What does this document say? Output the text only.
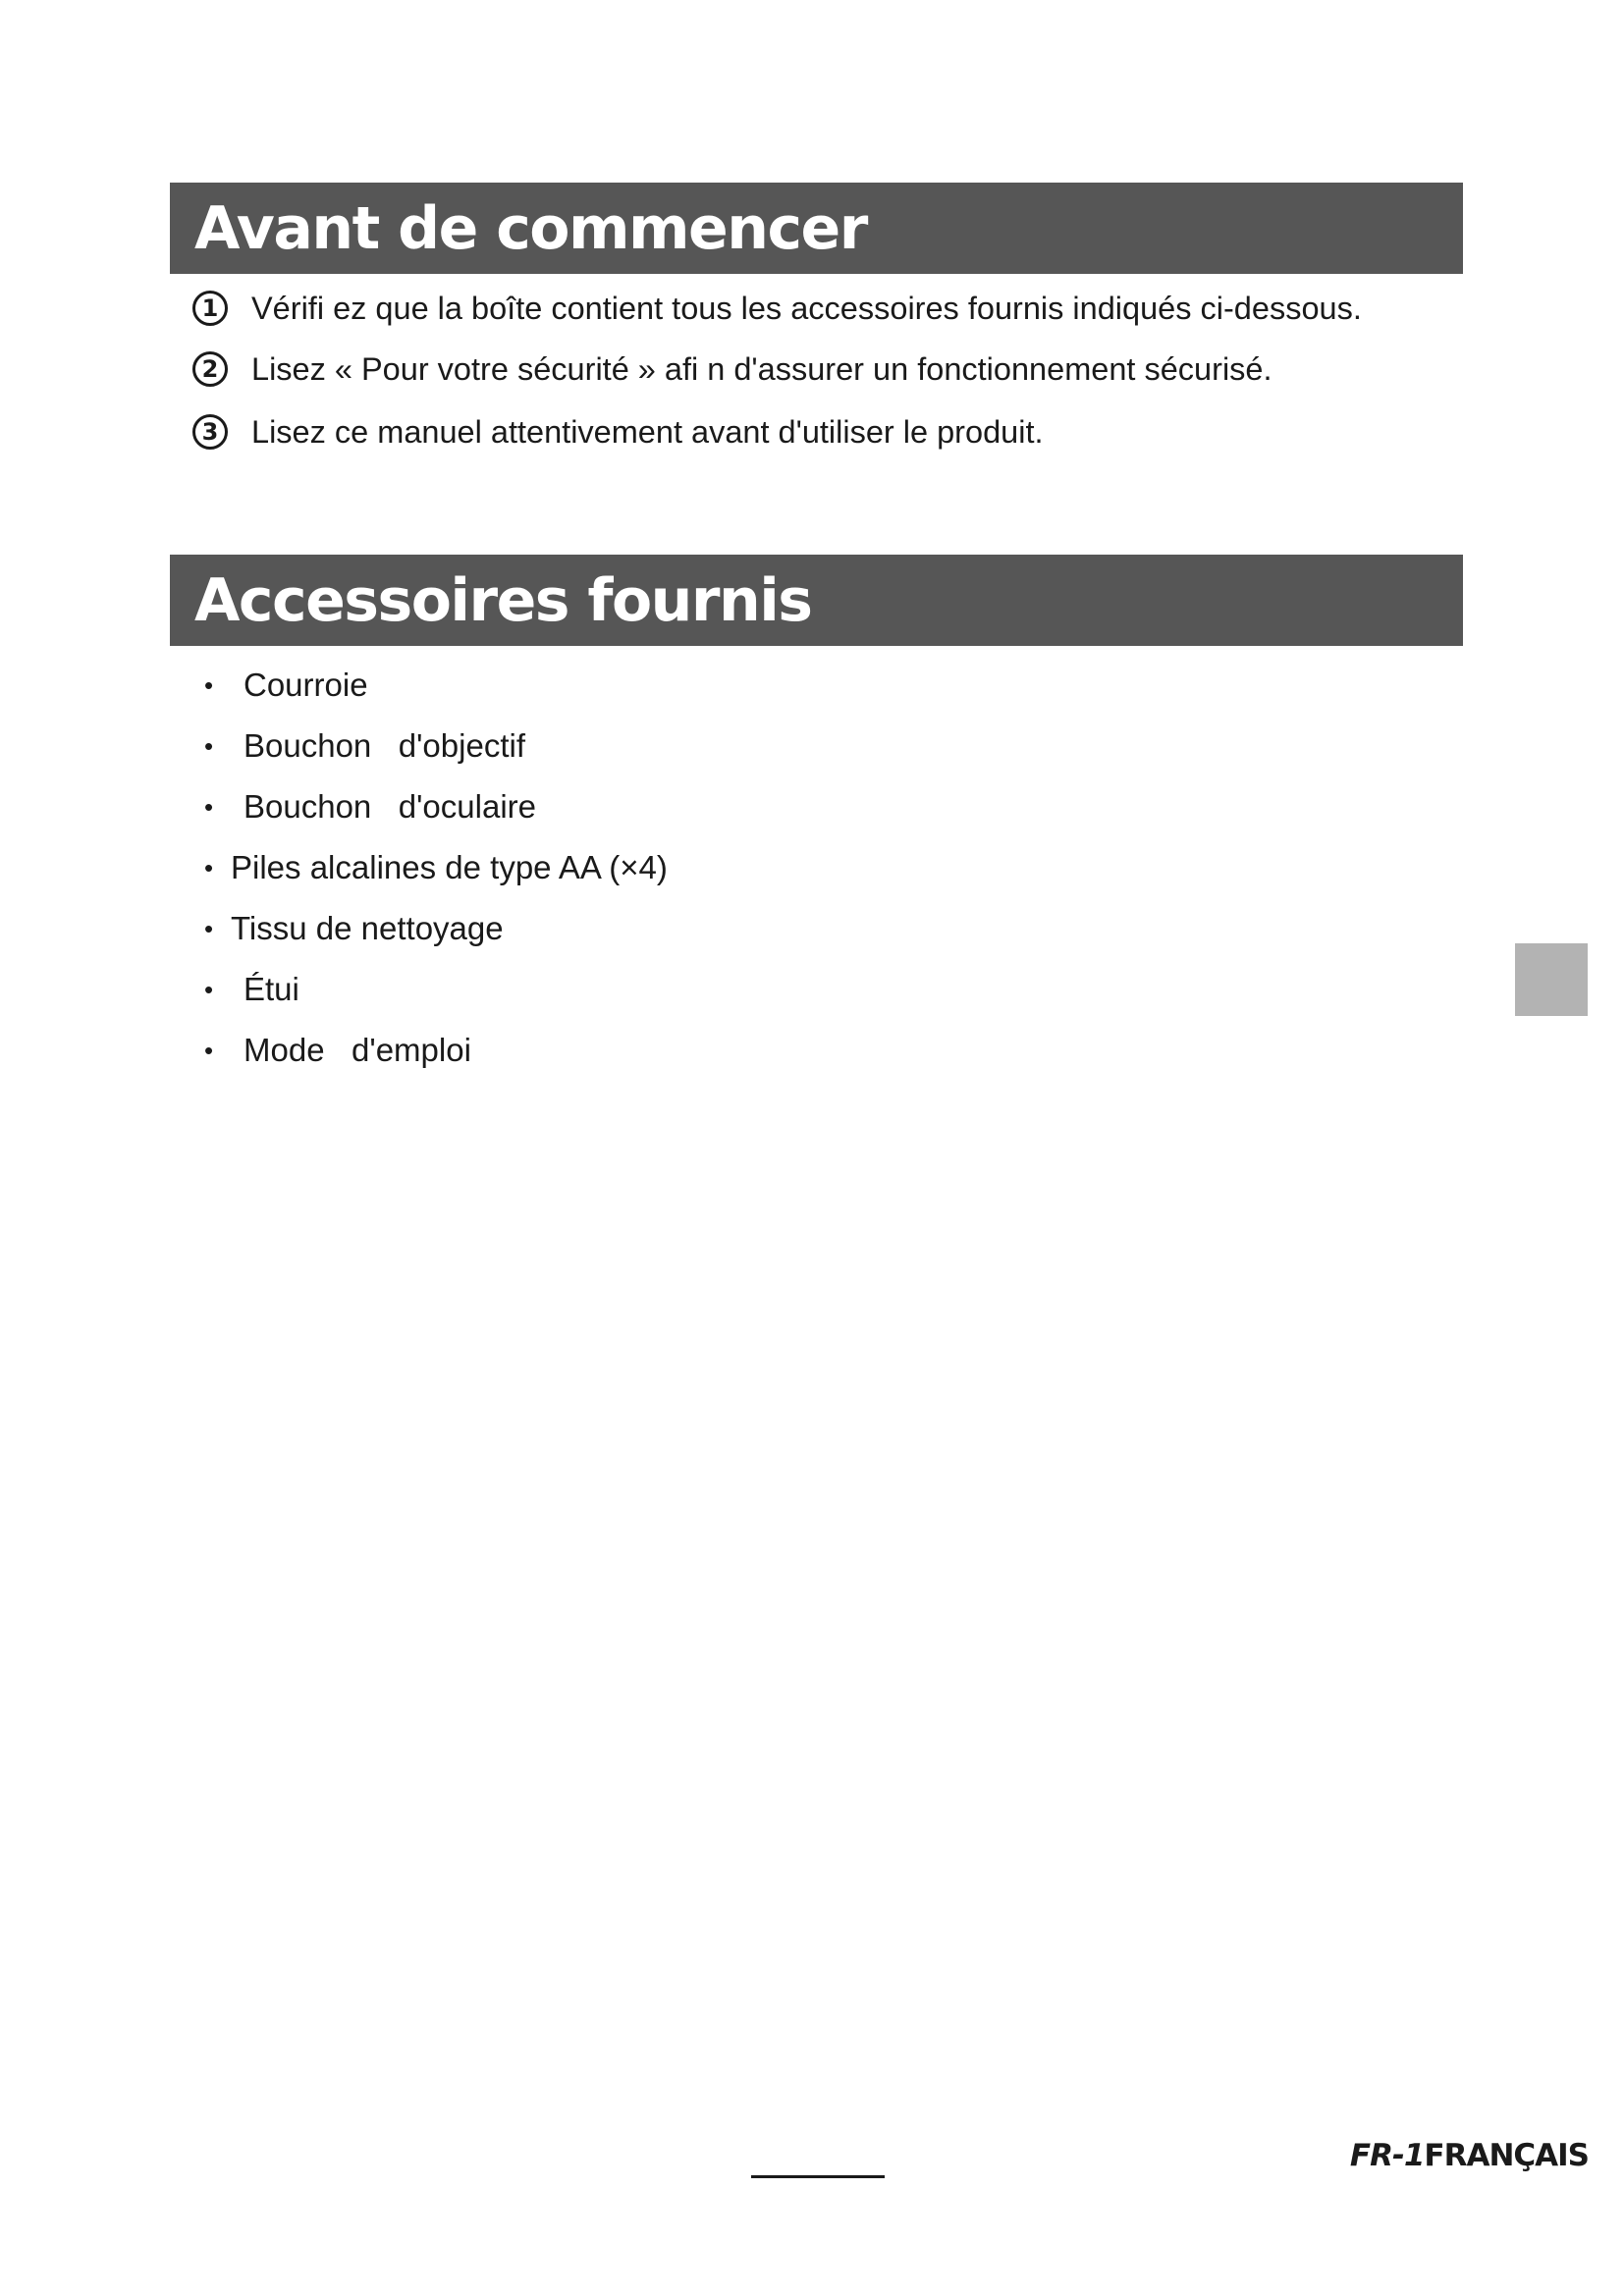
Avant de commencer
1 Vérifi ez que la boîte contient tous les accessoires fournis indiqués ci-dessous.
2 Lisez « Pour votre sécurité » afi n d'assurer un fonctionnement sécurisé.
3 Lisez ce manuel attentivement avant d'utiliser le produit.
Accessoires fournis
• Courroie
• Bouchon   d'objectif
• Bouchon   d'oculaire
• Piles alcalines de type AA (×4)
• Tissu de nettoyage
• Étui
• Mode   d'emploi
FR-1FRANÇAIS
